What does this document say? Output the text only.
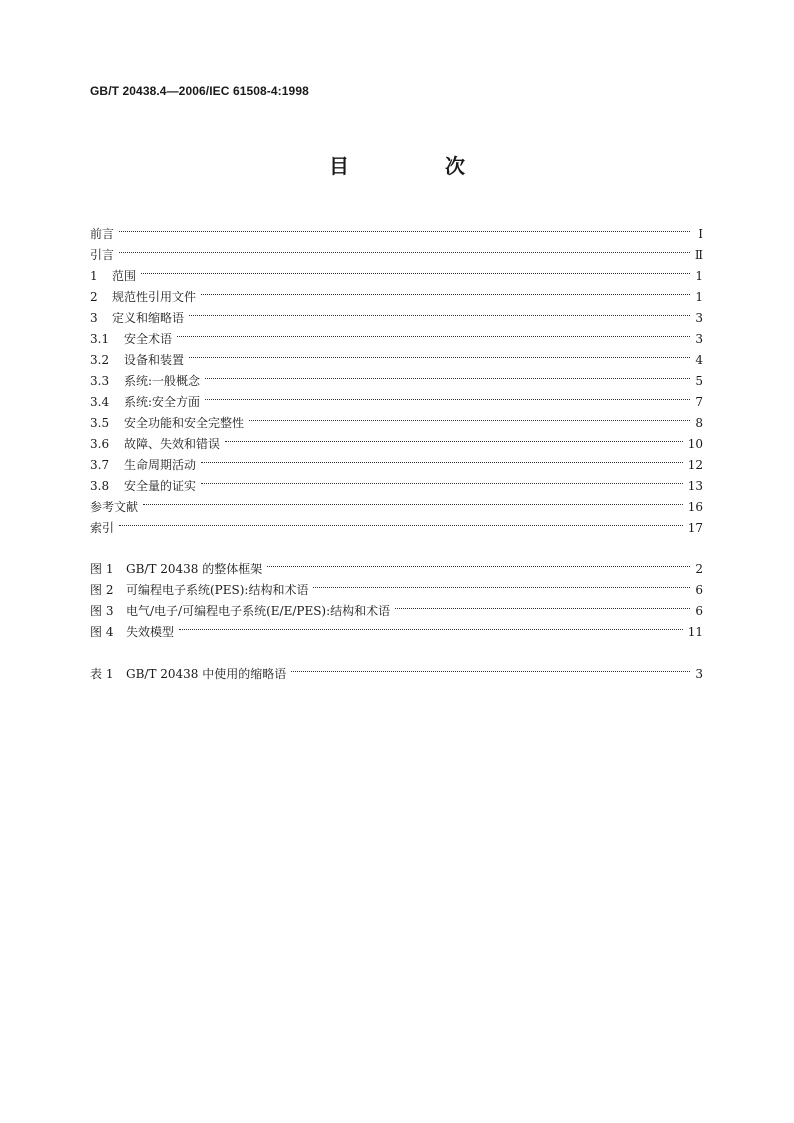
GB/T 20438.4—2006/IEC 61508-4:1998
目　次
前言	Ⅰ
引言	Ⅱ
1	范围	1
2	规范性引用文件	1
3	定义和缩略语	3
3.1	安全术语	3
3.2	设备和装置	4
3.3	系统:一般概念	5
3.4	系统:安全方面	7
3.5	安全功能和安全完整性	8
3.6	故障、失效和错误	10
3.7	生命周期活动	12
3.8	安全量的证实	13
参考文献	16
索引	17
图 1	GB/T 20438 的整体框架	2
图 2	可编程电子系统(PES):结构和术语	6
图 3	电气/电子/可编程电子系统(E/E/PES):结构和术语	6
图 4	失效模型	11
表 1	GB/T 20438 中使用的缩略语	3
